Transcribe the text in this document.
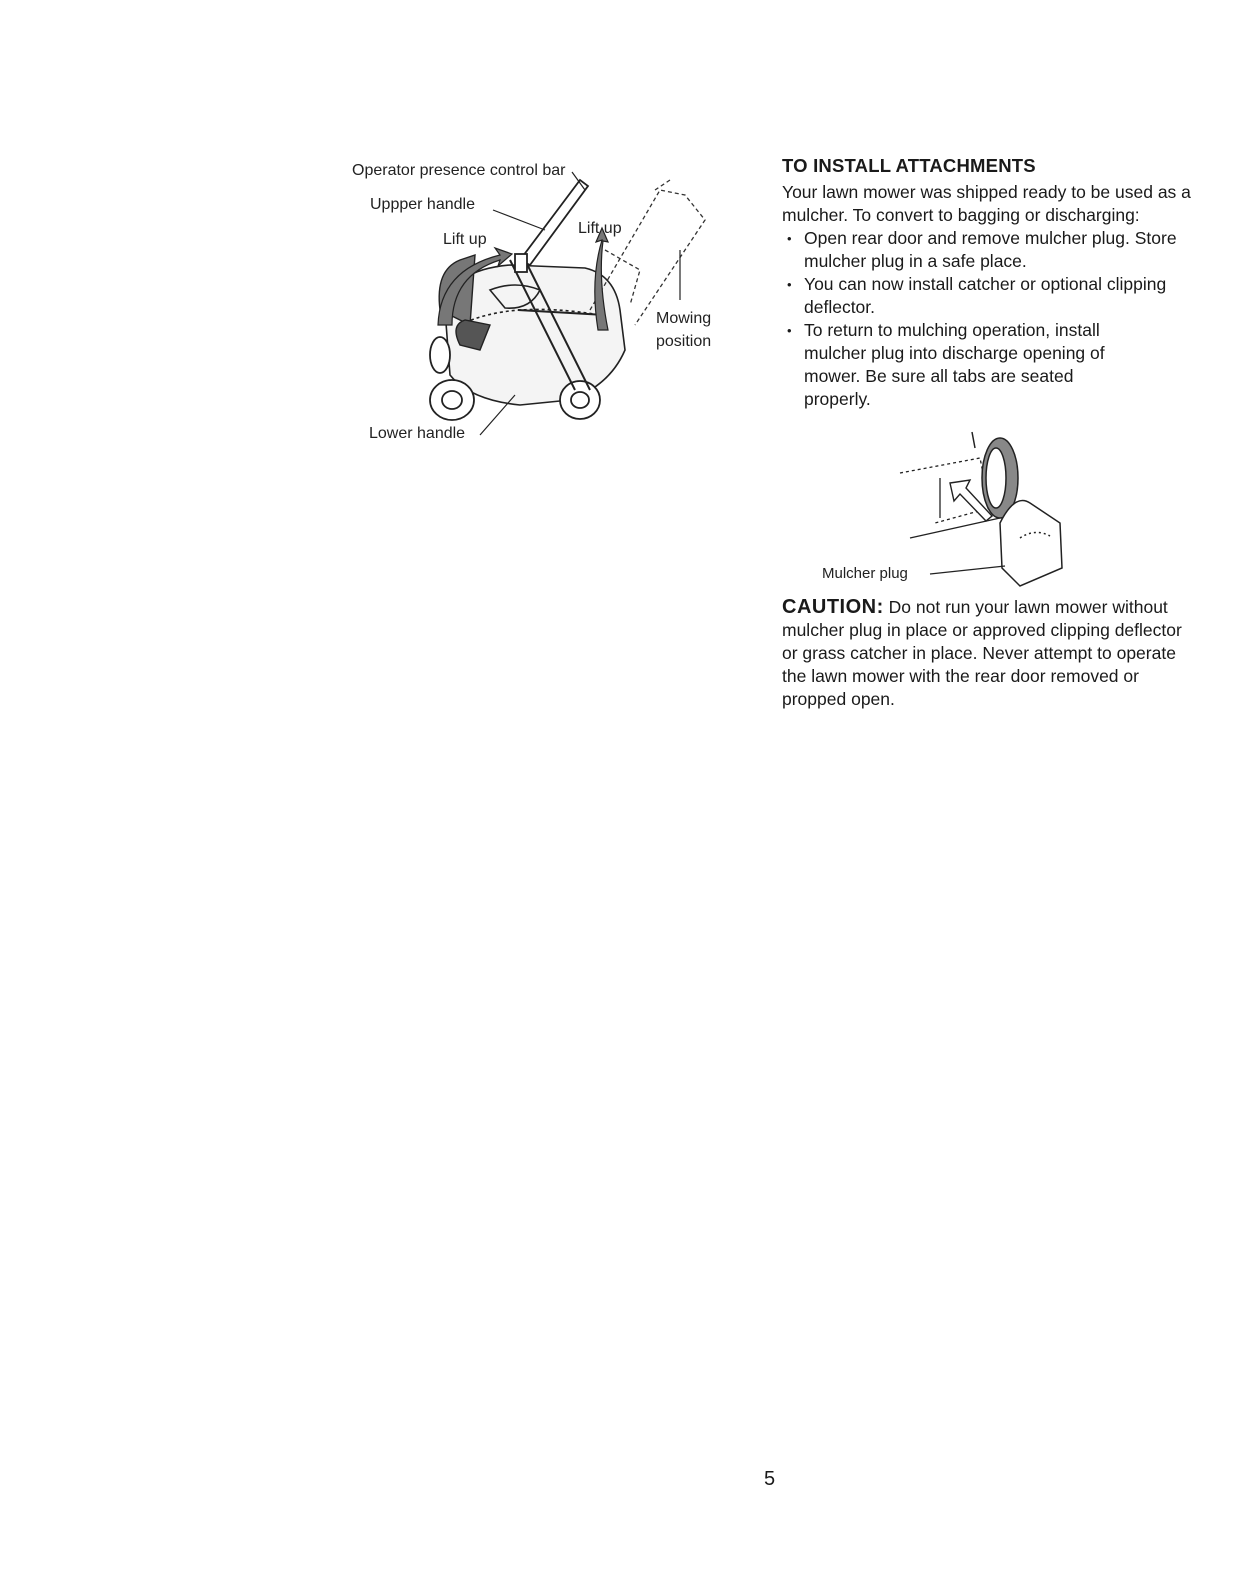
Operator presence control bar
Uppper handle
Lift up
Lift up
Mowing
position
Lower handle
TO INSTALL ATTACHMENTS

Your lawn mower was shipped ready to be used as a mulcher. To convert to bagging or discharging:

• Open rear door and remove mulcher plug. Store mulcher plug in a safe place.
• You can now install catcher or optional clipping deflector.
• To return to mulching operation, install mulcher plug into discharge opening of mower. Be sure all tabs are seated properly.
Mulcher plug

CAUTION: Do not run your lawn mower without mulcher plug in place or approved clipping deflector or grass catcher in place. Never attempt to operate the lawn mower with the rear door removed or propped open.

5
